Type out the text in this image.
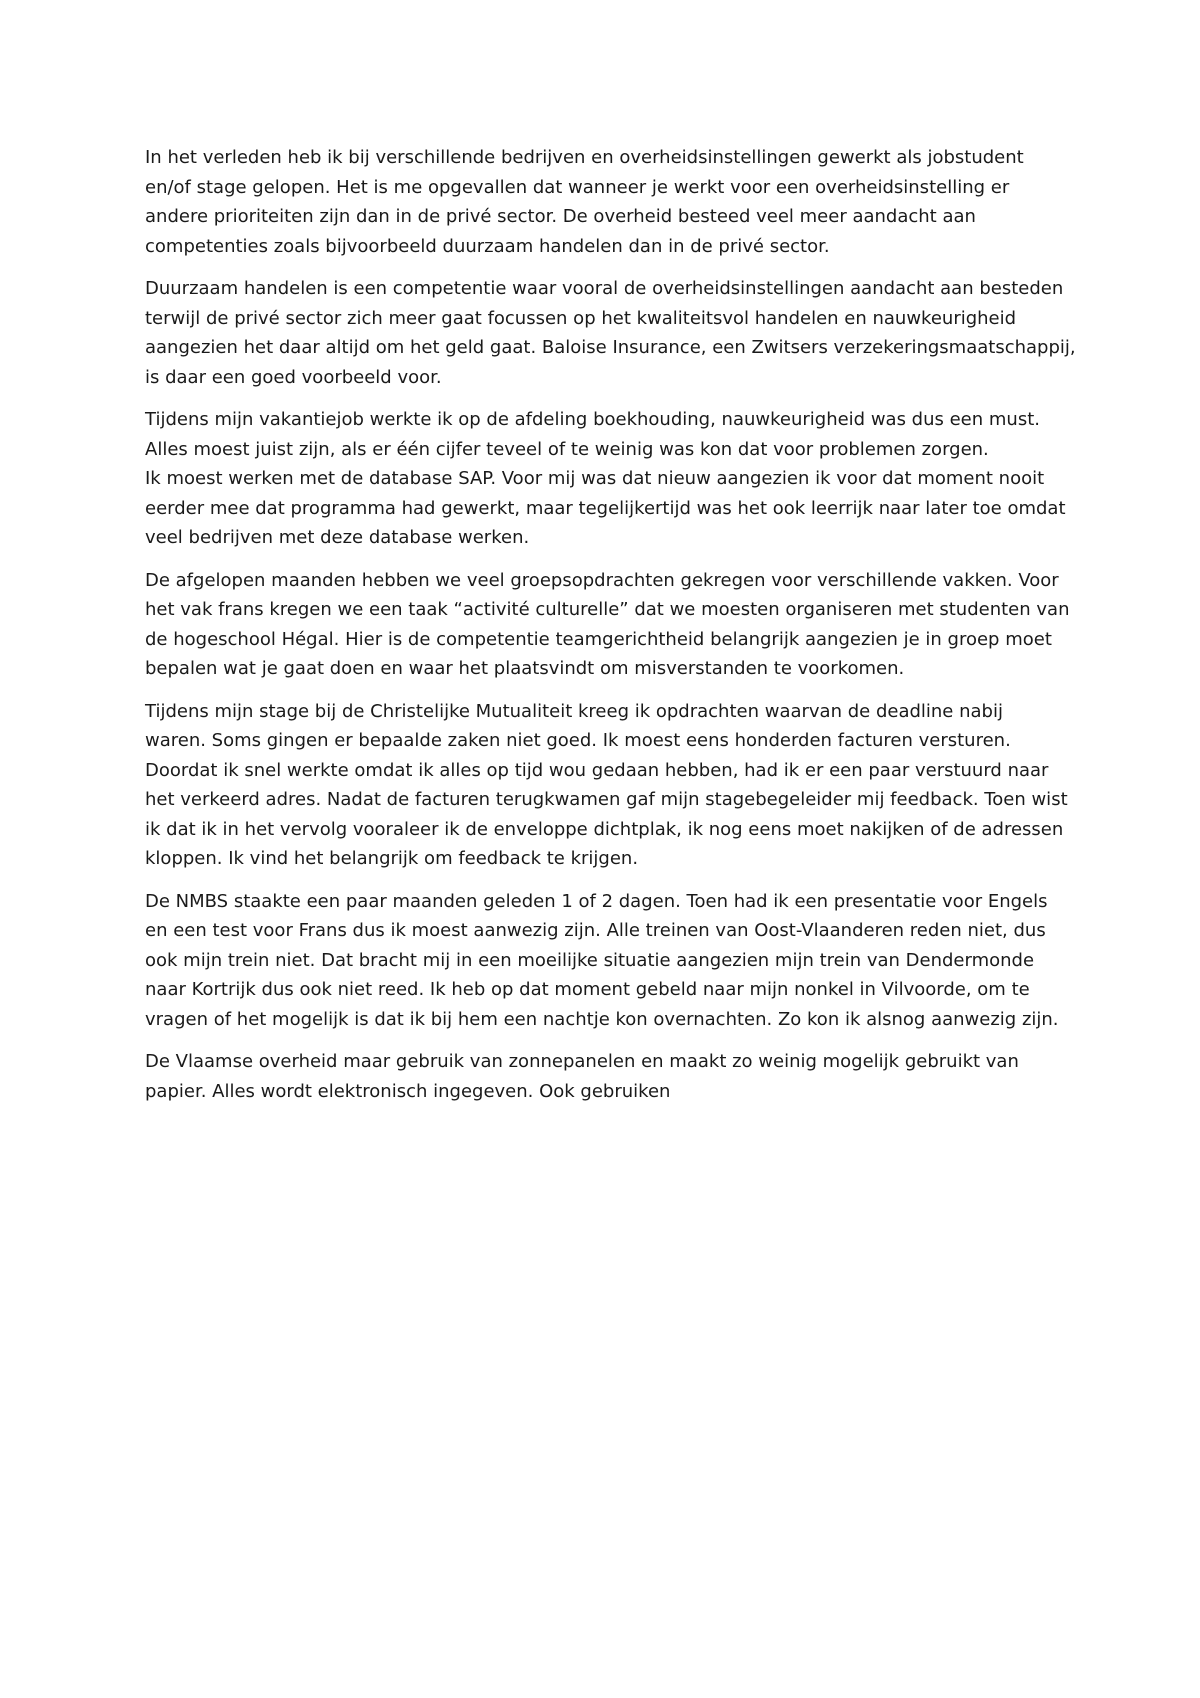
In het verleden heb ik bij verschillende bedrijven en overheidsinstellingen gewerkt als jobstudent
en/of stage gelopen. Het is me opgevallen dat wanneer je werkt voor een overheidsinstelling er
andere prioriteiten zijn dan in de privé sector. De overheid besteed veel meer aandacht aan
competenties zoals bijvoorbeeld duurzaam handelen dan in de privé sector.

Duurzaam handelen is een competentie waar vooral de overheidsinstellingen aandacht aan besteden
terwijl de privé sector zich meer gaat focussen op het kwaliteitsvol handelen en nauwkeurigheid
aangezien het daar altijd om het geld gaat. Baloise Insurance, een Zwitsers verzekeringsmaatschappij,
is daar een goed voorbeeld voor.

Tijdens mijn vakantiejob werkte ik op de afdeling boekhouding, nauwkeurigheid was dus een must.
Alles moest juist zijn, als er één cijfer teveel of te weinig was kon dat voor problemen zorgen.
Ik moest werken met de database SAP. Voor mij was dat nieuw aangezien ik voor dat moment nooit
eerder mee dat programma had gewerkt, maar tegelijkertijd was het ook leerrijk naar later toe omdat
veel bedrijven met deze database werken.

De afgelopen maanden hebben we veel groepsopdrachten gekregen voor verschillende vakken. Voor
het vak frans kregen we een taak “activité culturelle” dat we moesten organiseren met studenten van
de hogeschool Hégal. Hier is de competentie teamgerichtheid belangrijk aangezien je in groep moet
bepalen wat je gaat doen en waar het plaatsvindt om misverstanden te voorkomen.

Tijdens mijn stage bij de Christelijke Mutualiteit kreeg ik opdrachten waarvan de deadline nabij
waren. Soms gingen er bepaalde zaken niet goed. Ik moest eens honderden facturen versturen.
Doordat ik snel werkte omdat ik alles op tijd wou gedaan hebben, had ik er een paar verstuurd naar
het verkeerd adres. Nadat de facturen terugkwamen gaf mijn stagebegeleider mij feedback. Toen wist
ik dat ik in het vervolg vooraleer ik de enveloppe dichtplak, ik nog eens moet nakijken of de adressen
kloppen. Ik vind het belangrijk om feedback te krijgen.

De NMBS staakte een paar maanden geleden 1 of 2 dagen. Toen had ik een presentatie voor Engels
en een test voor Frans dus ik moest aanwezig zijn. Alle treinen van Oost-Vlaanderen reden niet, dus
ook mijn trein niet. Dat bracht mij in een moeilijke situatie aangezien mijn trein van Dendermonde
naar Kortrijk dus ook niet reed. Ik heb op dat moment gebeld naar mijn nonkel in Vilvoorde, om te
vragen of het mogelijk is dat ik bij hem een nachtje kon overnachten. Zo kon ik alsnog aanwezig zijn.

De Vlaamse overheid maar gebruik van zonnepanelen en maakt zo weinig mogelijk gebruikt van
papier. Alles wordt elektronisch ingegeven. Ook gebruiken
